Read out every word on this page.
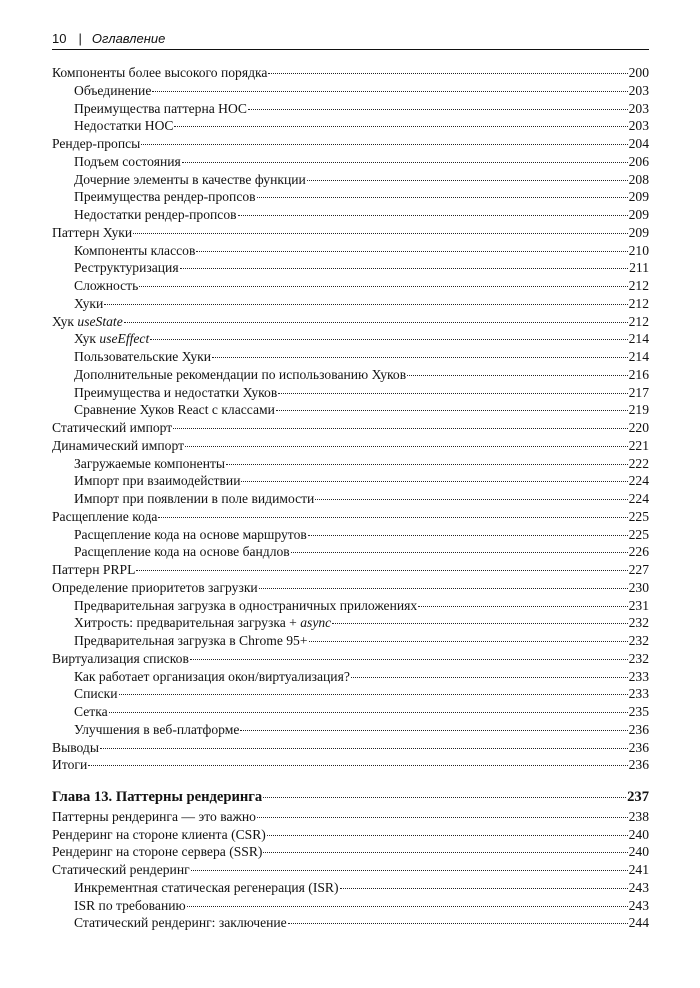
10 | Оглавление
Компоненты более высокого порядка	200
Объединение	203
Преимущества паттерна HOC	203
Недостатки HOC	203
Рендер-пропсы	204
Подъем состояния	206
Дочерние элементы в качестве функции	208
Преимущества рендер-пропсов	209
Недостатки рендер-пропсов	209
Паттерн Хуки	209
Компоненты классов	210
Реструктуризация	211
Сложность	212
Хуки	212
Хук useState	212
Хук useEffect	214
Пользовательские Хуки	214
Дополнительные рекомендации по использованию Хуков	216
Преимущества и недостатки Хуков	217
Сравнение Хуков React с классами	219
Статический импорт	220
Динамический импорт	221
Загружаемые компоненты	222
Импорт при взаимодействии	224
Импорт при появлении в поле видимости	224
Расщепление кода	225
Расщепление кода на основе маршрутов	225
Расщепление кода на основе бандлов	226
Паттерн PRPL	227
Определение приоритетов загрузки	230
Предварительная загрузка в одностраничных приложениях	231
Хитрость: предварительная загрузка + async	232
Предварительная загрузка в Chrome 95+	232
Виртуализация списков	232
Как работает организация окон/виртуализация?	233
Списки	233
Сетка	235
Улучшения в веб-платформе	236
Выводы	236
Итоги	236
Глава 13. Паттерны рендеринга	237
Паттерны рендеринга — это важно	238
Рендеринг на стороне клиента (CSR)	240
Рендеринг на стороне сервера (SSR)	240
Статический рендеринг	241
Инкрементная статическая регенерация (ISR)	243
ISR по требованию	243
Статический рендеринг: заключение	244
